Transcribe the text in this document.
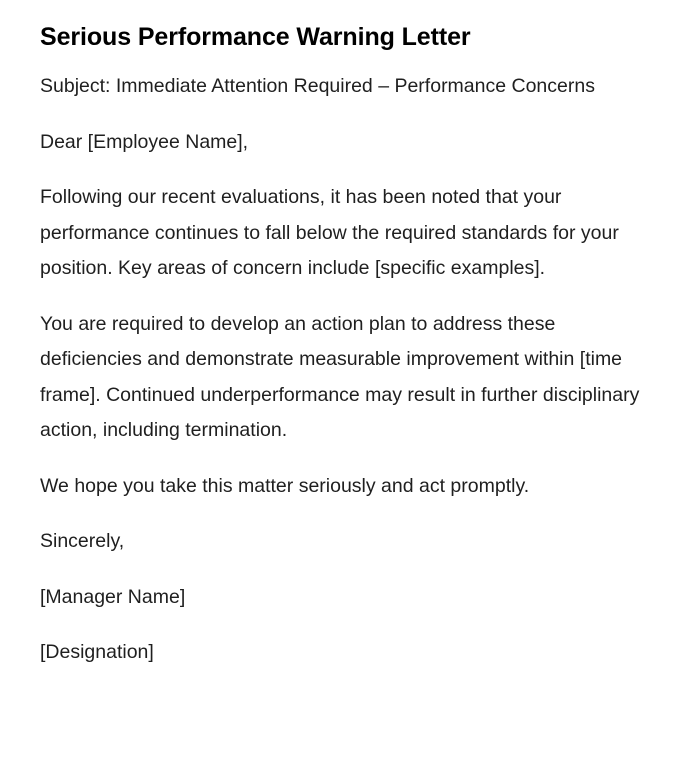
Serious Performance Warning Letter

Subject: Immediate Attention Required – Performance Concerns

Dear [Employee Name],

Following our recent evaluations, it has been noted that your performance continues to fall below the required standards for your position. Key areas of concern include [specific examples].

You are required to develop an action plan to address these deficiencies and demonstrate measurable improvement within [time frame]. Continued underperformance may result in further disciplinary action, including termination.

We hope you take this matter seriously and act promptly.

Sincerely,

[Manager Name]

[Designation]
